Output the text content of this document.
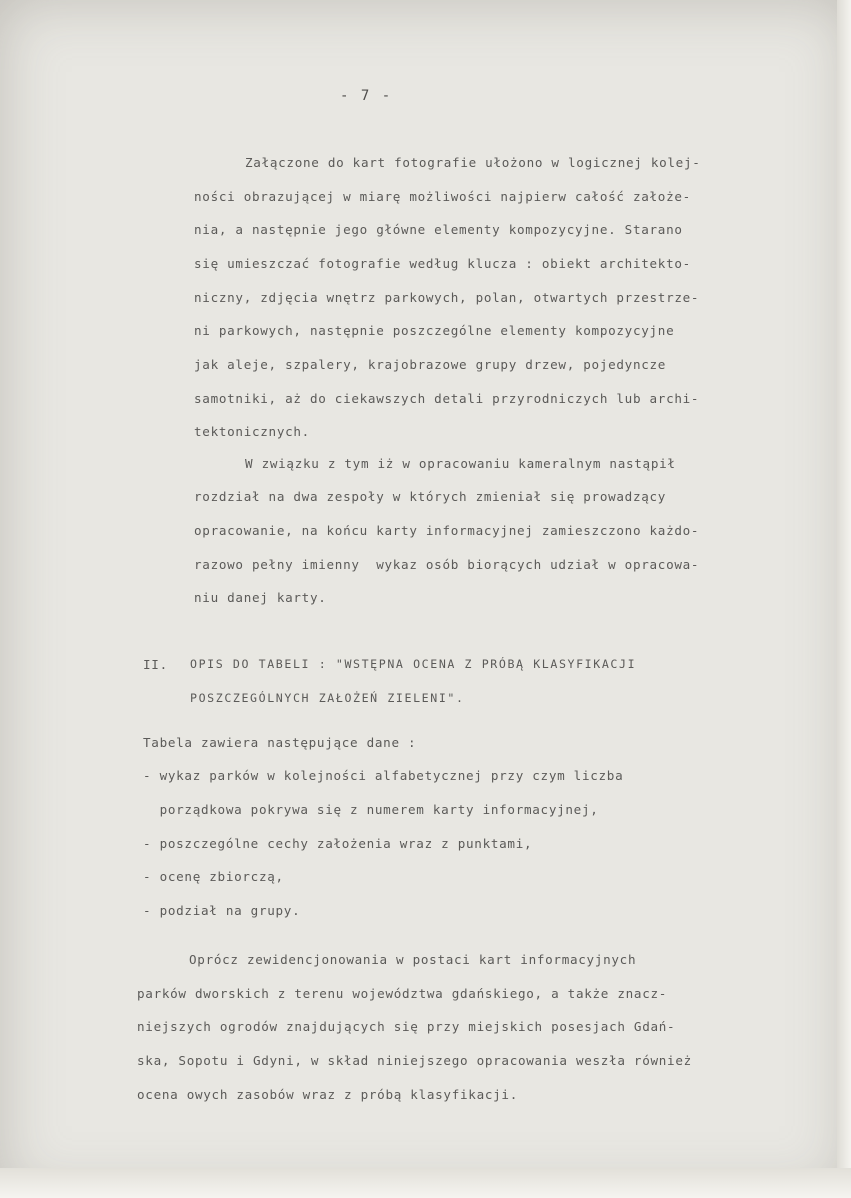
- 7 -
Załączone do kart fotografie ułożono w logicznej kolej-
ności obrazującej w miarę możliwości najpierw całość założe-
nia, a następnie jego główne elementy kompozycyjne. Starano
się umieszczać fotografie według klucza : obiekt architekto-
niczny, zdjęcia wnętrz parkowych, polan, otwartych przestrze-
ni parkowych, następnie poszczególne elementy kompozycyjne
jak aleje, szpalery, krajobrazowe grupy drzew, pojedyncze
samotniki, aż do ciekawszych detali przyrodniczych lub archi-
tektonicznych.
W związku z tym iż w opracowaniu kameralnym nastąpił
rozdział na dwa zespoły w których zmieniał się prowadzący
opracowanie, na końcu karty informacyjnej zamieszczono każdo-
razowo pełny imienny  wykaz osób biorących udział w opracowa-
niu danej karty.
II. OPIS DO TABELI : "WSTĘPNA OCENA Z PRÓBĄ KLASYFIKACJI
POSZCZEGÓLNYCH ZAŁOŻEŃ ZIELENI".
Tabela zawiera następujące dane :
- wykaz parków w kolejności alfabetycznej przy czym liczba
porządkowa pokrywa się z numerem karty informacyjnej,
- poszczególne cechy założenia wraz z punktami,
- ocenę zbiorczą,
- podział na grupy.
Oprócz zewidencjonowania w postaci kart informacyjnych
parków dworskich z terenu województwa gdańskiego, a także znacz-
niejszych ogrodów znajdujących się przy miejskich posesjach Gdań-
ska, Sopotu i Gdyni, w skład niniejszego opracowania weszła również
ocena owych zasobów wraz z próbą klasyfikacji.
